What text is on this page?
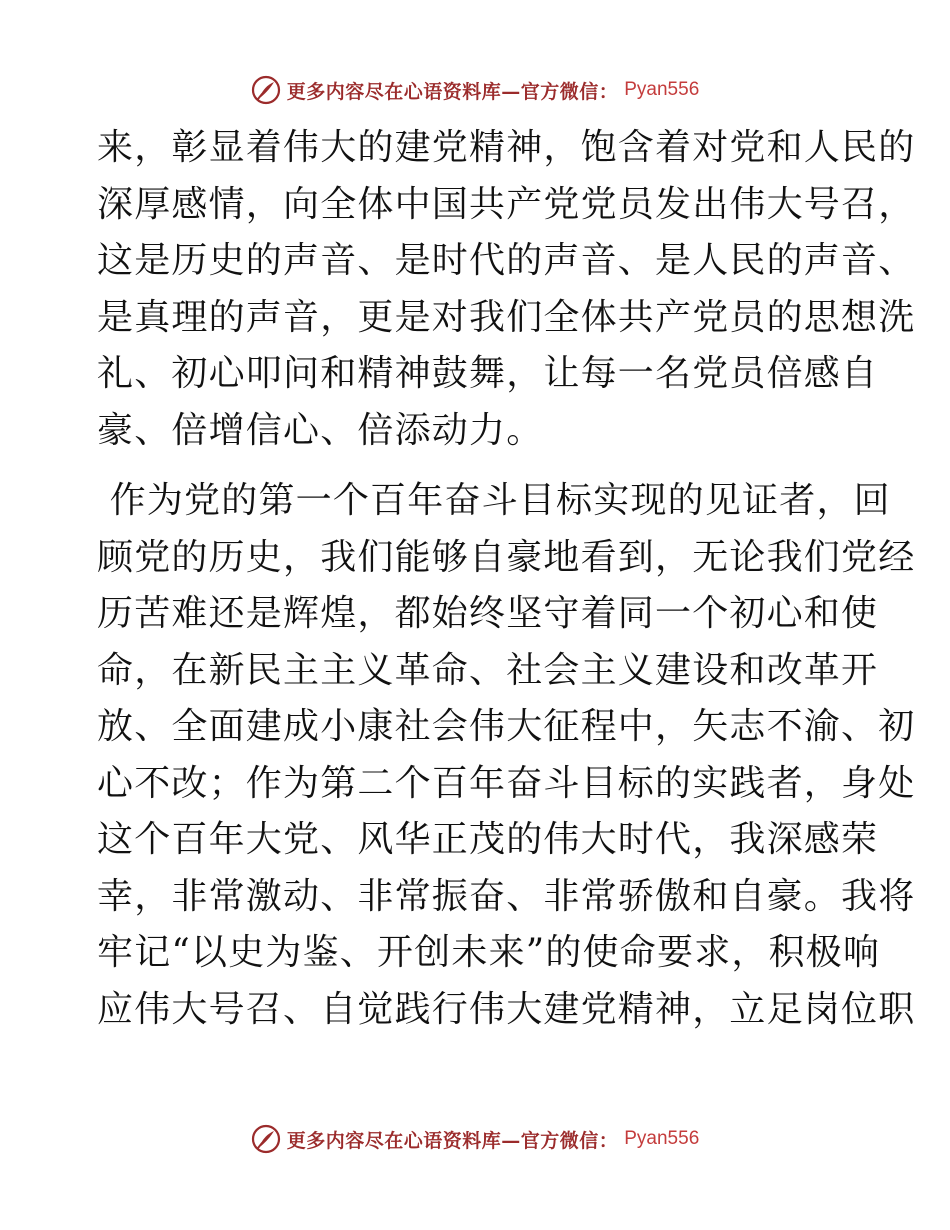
更多内容尽在心语资料库—官方微信： Pyan556

来，彰显着伟大的建党精神，饱含着对党和人民的
深厚感情，向全体中国共产党党员发出伟大号召，
这是历史的声音、是时代的声音、是人民的声音、
是真理的声音，更是对我们全体共产党员的思想洗
礼、初心叩问和精神鼓舞，让每一名党员倍感自
豪、倍增信心、倍添动力。

作为党的第一个百年奋斗目标实现的见证者，回
顾党的历史，我们能够自豪地看到，无论我们党经
历苦难还是辉煌，都始终坚守着同一个初心和使
命，在新民主主义革命、社会主义建设和改革开
放、全面建成小康社会伟大征程中，矢志不渝、初
心不改；作为第二个百年奋斗目标的实践者，身处
这个百年大党、风华正茂的伟大时代，我深感荣
幸，非常激动、非常振奋、非常骄傲和自豪。我将
牢记“以史为鉴、开创未来”的使命要求，积极响
应伟大号召、自觉践行伟大建党精神，立足岗位职

更多内容尽在心语资料库—官方微信： Pyan556
